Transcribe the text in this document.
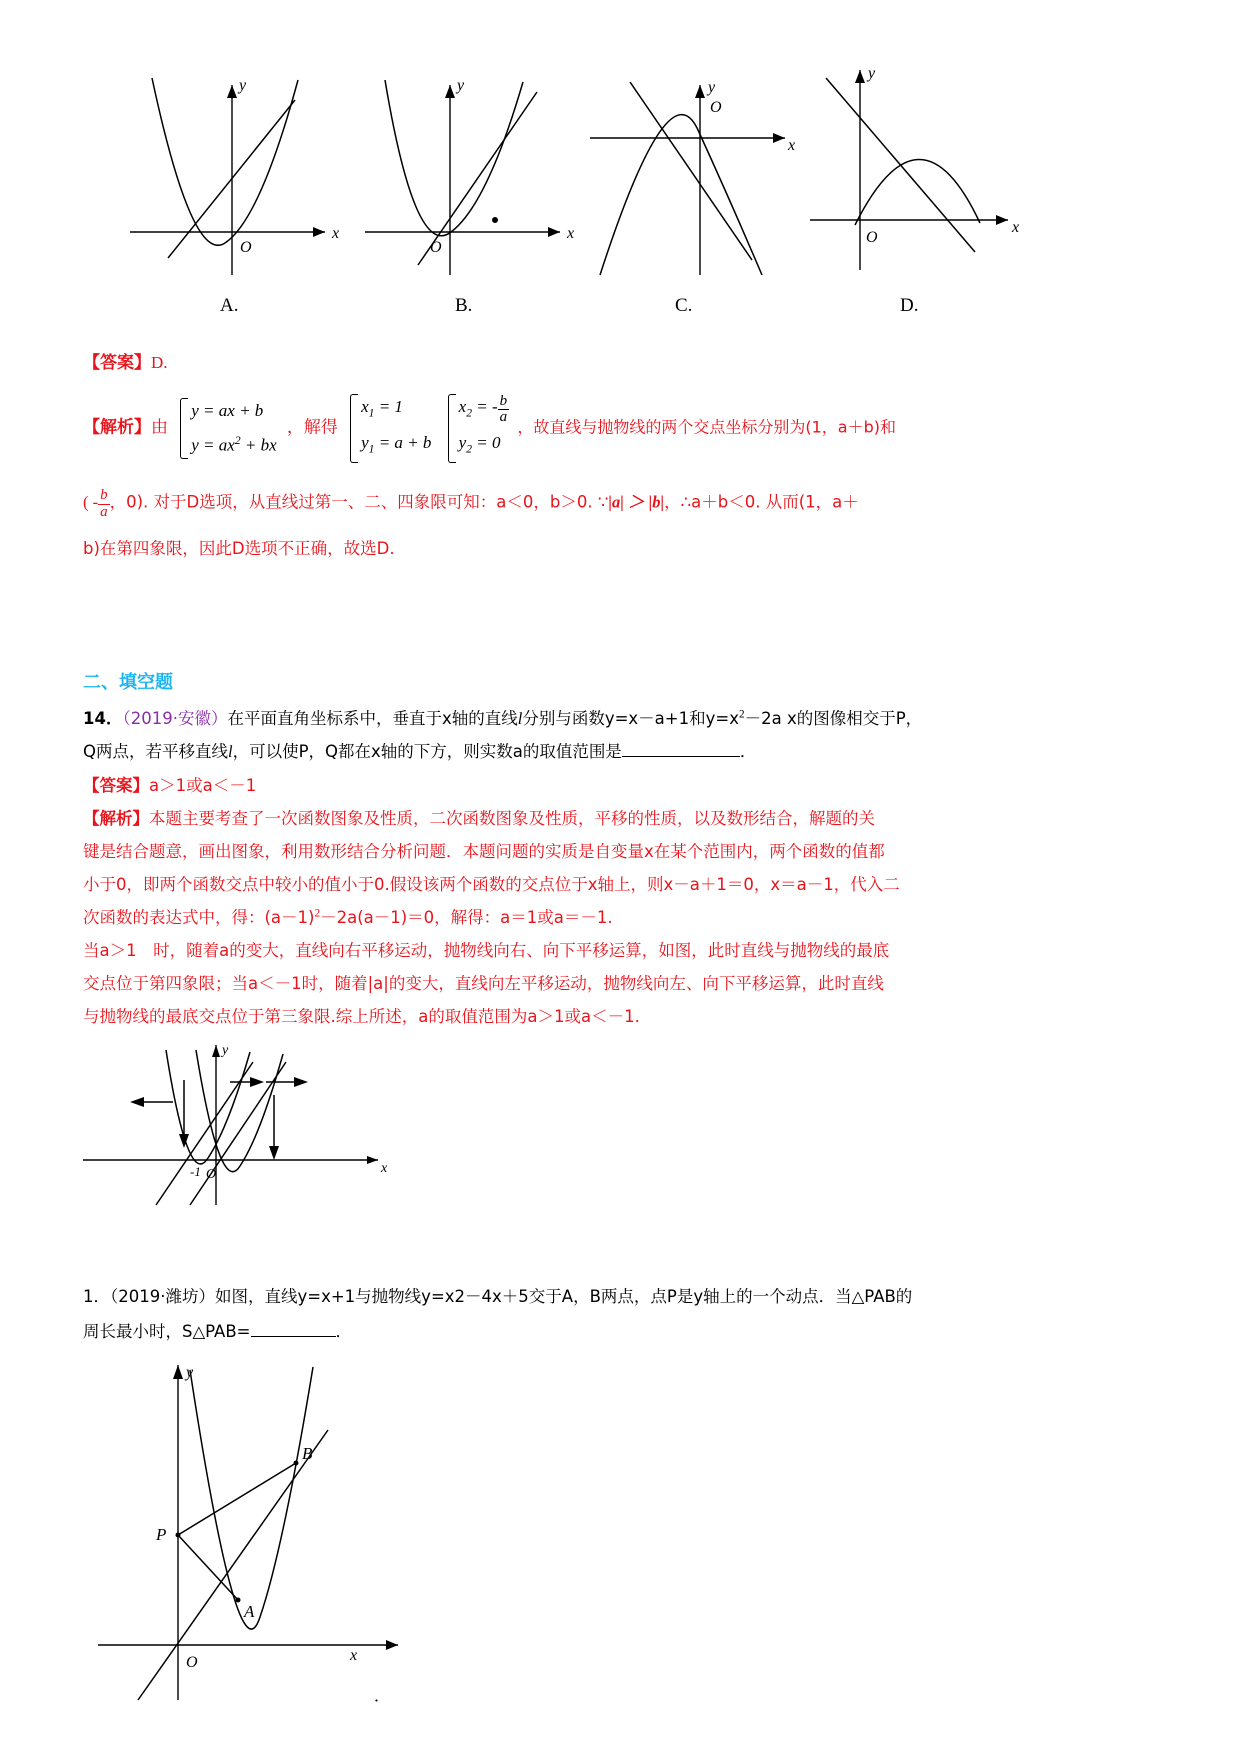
O
x
y
A.
O
x
y
B.
O
x
y
C.
O
x
y
D.
【答案】D.
【解析】由
y = ax + b
$y = ax^2$ + bx
，解得
$x_1 = 1$
$y_1 = a + b$

$x_2$ = - $\frac{b}{a}$
$y_2 = 0$
，故直线与抛物线的两个交点坐标分别为(1，a＋b)和
( - $\frac{b}{a}$ ，0). 对于D选项，从直线过第一、二、四象限可知：a＜0，b＞0. ∵|a| ＞ |b|，∴a＋b＜0. 从而(1，a＋
b)在第四象限，因此D选项不正确，故选D.
二、填空题
14．（2019·安徽）在平面直角坐标系中，垂直于x轴的直线l分别与函数y=x－a+1和$y=x^2-2a$ x的图像相交于P，
Q两点，若平移直线l，可以使P，Q都在x轴的下方，则实数a的取值范围是	．
【答案】a＞1或a＜－1
【解析】本题主要考查了一次函数图象及性质，二次函数图象及性质，平移的性质，以及数形结合，解题的关
键是结合题意，画出图象，利用数形结合分析问题．本题问题的实质是自变量x在某个范围内，两个函数的值都
小于0，即两个函数交点中较小的值小于0.假设该两个函数的交点位于x轴上，则x－a＋1＝0，x＝a－1，代入二
次函数的表达式中，得：$(a-1)^2-2a(a-1)=0$，解得：a＝1或a＝－1.
当a＞1　时，随着a的变大，直线向右平移运动，抛物线向右、向下平移运算，如图，此时直线与抛物线的最底
交点位于第四象限；当a＜－1时，随着|a|的变大，直线向左平移运动，抛物线向左、向下平移运算，此时直线
与抛物线的最底交点位于第三象限.综上所述，a的取值范围为a＞1或a＜－1.
-1 O	x
y
1．（2019·潍坊）如图，直线y=x+1与抛物线y=x2－4x＋5交于A，B两点，点P是y轴上的一个动点．当△PAB的
周长最小时，S△PAB=	．
P
A
B
O	x
y
．
